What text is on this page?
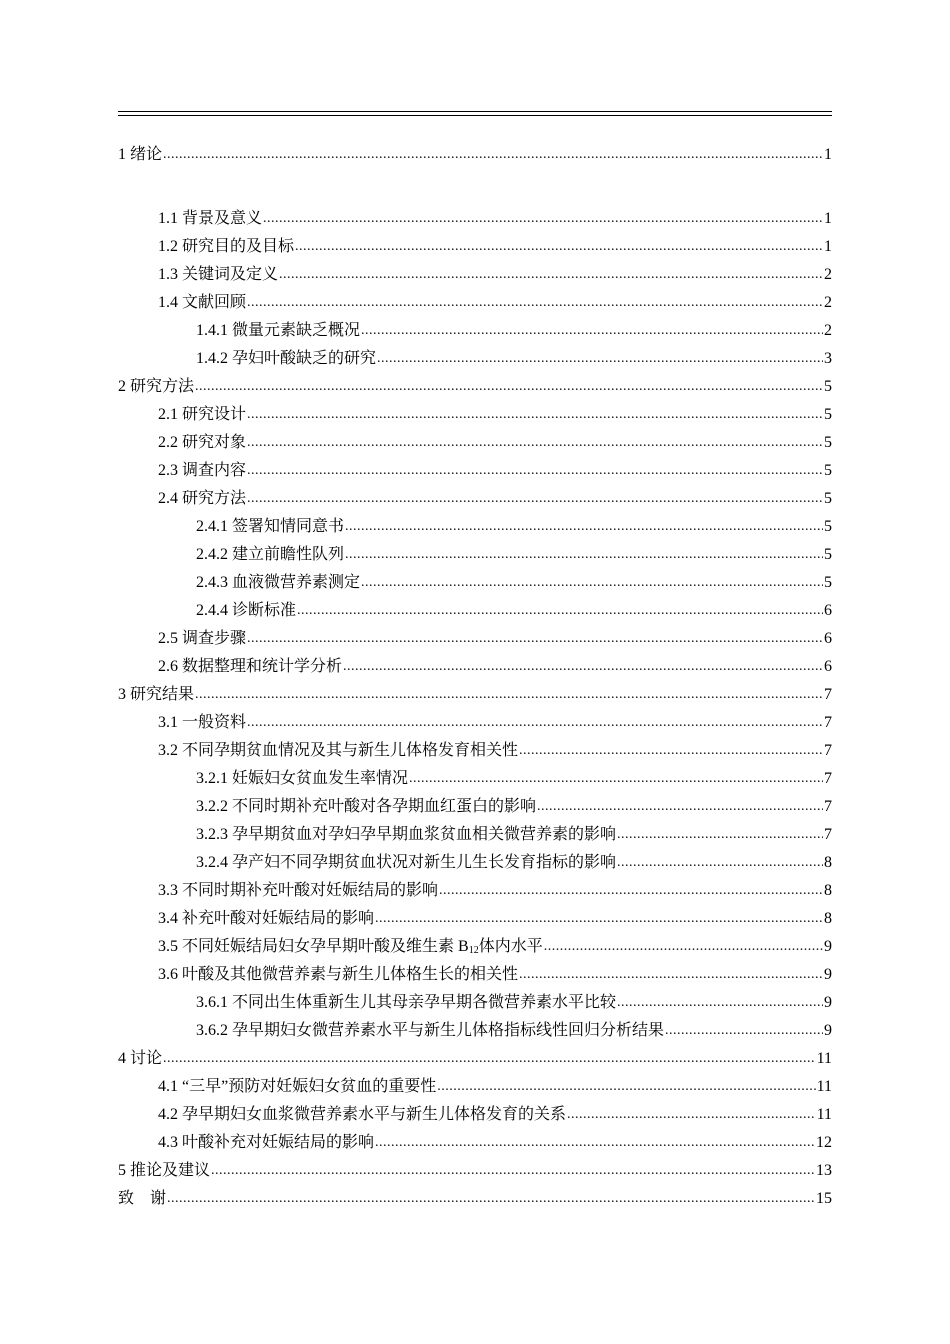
1 绪论 .....	1
1.1 背景及意义 .....	1
1.2 研究目的及目标 .....	1
1.3 关键词及定义 .....	2
1.4 文献回顾 .....	2
1.4.1 微量元素缺乏概况 .....	2
1.4.2 孕妇叶酸缺乏的研究 .....	3
2 研究方法 .....	5
2.1 研究设计 .....	5
2.2 研究对象 .....	5
2.3 调查内容 .....	5
2.4 研究方法 .....	5
2.4.1 签署知情同意书 .....	5
2.4.2 建立前瞻性队列 .....	5
2.4.3 血液微营养素测定 .....	5
2.4.4 诊断标准 .....	6
2.5 调查步骤 .....	6
2.6 数据整理和统计学分析 .....	6
3 研究结果 .....	7
3.1 一般资料 .....	7
3.2 不同孕期贫血情况及其与新生儿体格发育相关性 .....	7
3.2.1 妊娠妇女贫血发生率情况 .....	7
3.2.2 不同时期补充叶酸对各孕期血红蛋白的影响 .....	7
3.2.3 孕早期贫血对孕妇孕早期血浆贫血相关微营养素的影响 .....	7
3.2.4 孕产妇不同孕期贫血状况对新生儿生长发育指标的影响 .....	8
3.3 不同时期补充叶酸对妊娠结局的影响 .....	8
3.4 补充叶酸对妊娠结局的影响 .....	8
3.5 不同妊娠结局妇女孕早期叶酸及维生素 $B_{12}$体内水平 .....	9
3.6 叶酸及其他微营养素与新生儿体格生长的相关性 .....	9
3.6.1 不同出生体重新生儿其母亲孕早期各微营养素水平比较 .....	9
3.6.2 孕早期妇女微营养素水平与新生儿体格指标线性回归分析结果 .....	9
4 讨论 .....	11
4.1 “三早”预防对妊娠妇女贫血的重要性 .....	11
4.2 孕早期妇女血浆微营养素水平与新生儿体格发育的关系 .....	11
4.3 叶酸补充对妊娠结局的影响 .....	12
5 推论及建议 .....	13
致　谢 .....	15
